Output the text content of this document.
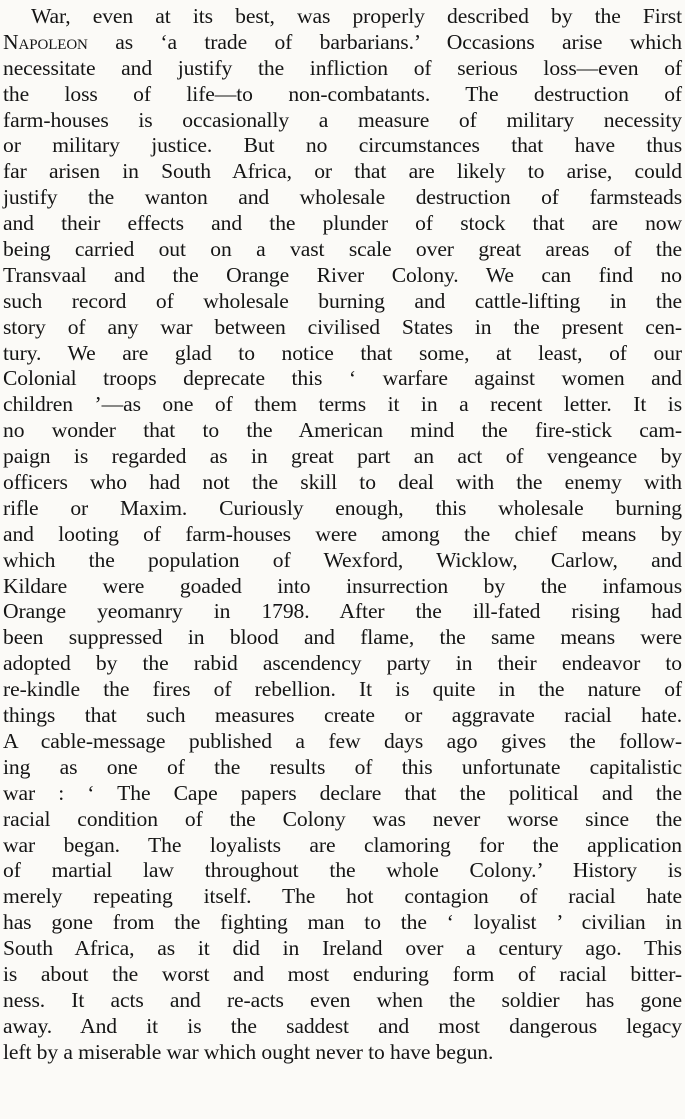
War, even at its best, was properly described by the First
Napoleon as ‘a trade of barbarians.’ Occasions arise which
necessitate and justify the infliction of serious loss—even of
the loss of life—to non-combatants. The destruction of
farm-houses is occasionally a measure of military necessity
or military justice. But no circumstances that have thus
far arisen in South Africa, or that are likely to arise, could
justify the wanton and wholesale destruction of farmsteads
and their effects and the plunder of stock that are now
being carried out on a vast scale over great areas of the
Transvaal and the Orange River Colony. We can find no
such record of wholesale burning and cattle-lifting in the
story of any war between civilised States in the present cen-
tury. We are glad to notice that some, at least, of our
Colonial troops deprecate this ‘ warfare against women and
children ’—as one of them terms it in a recent letter. It is
no wonder that to the American mind the fire-stick cam-
paign is regarded as in great part an act of vengeance by
officers who had not the skill to deal with the enemy with
rifle or Maxim. Curiously enough, this wholesale burning
and looting of farm-houses were among the chief means by
which the population of Wexford, Wicklow, Carlow, and
Kildare were goaded into insurrection by the infamous
Orange yeomanry in 1798. After the ill-fated rising had
been suppressed in blood and flame, the same means were
adopted by the rabid ascendency party in their endeavor to
re-kindle the fires of rebellion. It is quite in the nature of
things that such measures create or aggravate racial hate.
A cable-message published a few days ago gives the follow-
ing as one of the results of this unfortunate capitalistic
war : ‘ The Cape papers declare that the political and the
racial condition of the Colony was never worse since the
war began. The loyalists are clamoring for the application
of martial law throughout the whole Colony.’ History is
merely repeating itself. The hot contagion of racial hate
has gone from the fighting man to the ‘ loyalist ’ civilian in
South Africa, as it did in Ireland over a century ago. This
is about the worst and most enduring form of racial bitter-
ness. It acts and re-acts even when the soldier has gone
away. And it is the saddest and most dangerous legacy
left by a miserable war which ought never to have begun.
